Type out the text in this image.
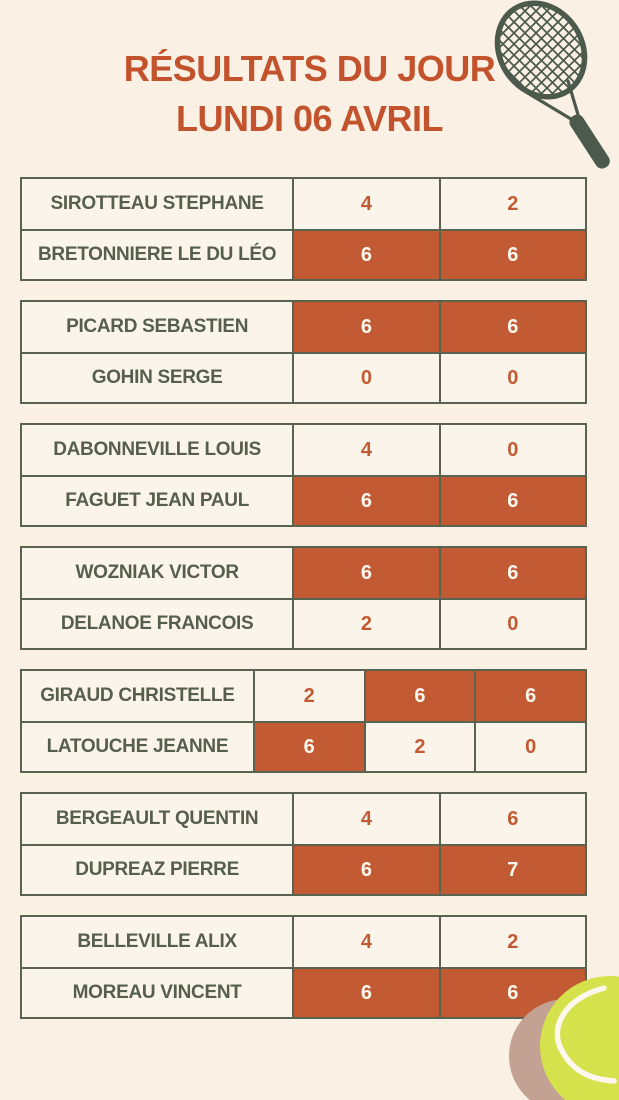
RÉSULTATS DU JOUR
LUNDI 06 AVRIL
SIROTTEAU STEPHANE	4	2
BRETONNIERE LE DU LÉO	6	6
PICARD SEBASTIEN	6	6
GOHIN SERGE	0	0
DABONNEVILLE LOUIS	4	0
FAGUET JEAN PAUL	6	6
WOZNIAK VICTOR	6	6
DELANOE FRANCOIS	2	0
GIRAUD CHRISTELLE	2	6	6
LATOUCHE JEANNE	6	2	0
BERGEAULT QUENTIN	4	6
DUPREAZ PIERRE	6	7
BELLEVILLE ALIX	4	2
MOREAU VINCENT	6	6
